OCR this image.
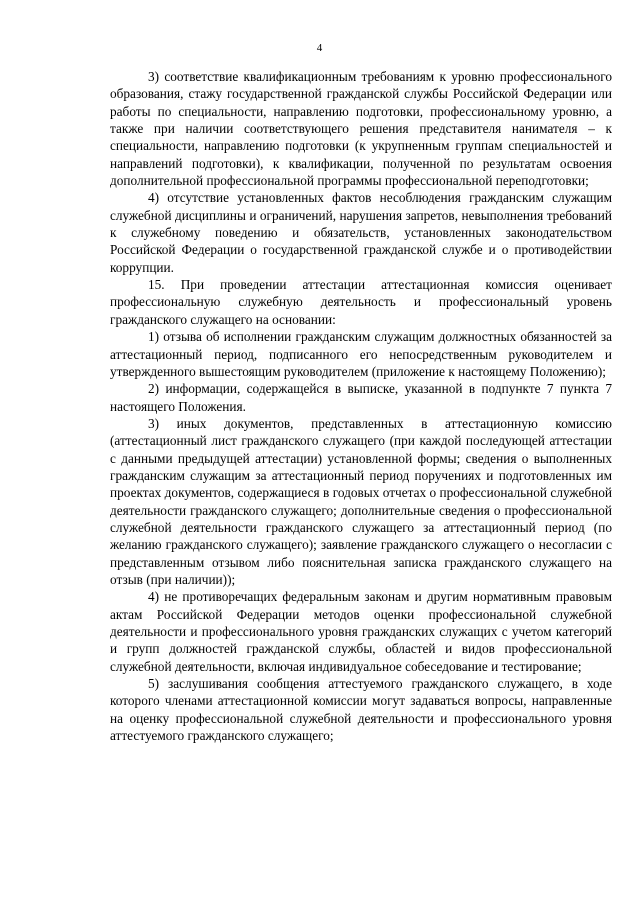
4

3) соответствие квалификационным требованиям к уровню профессионального образования, стажу государственной гражданской службы Российской Федерации или работы по специальности, направлению подготовки, профессиональному уровню, а также при наличии соответствующего решения представителя нанимателя – к специальности, направлению подготовки (к укрупненным группам специальностей и направлений подготовки), к квалификации, полученной по результатам освоения дополнительной профессиональной программы профессиональной переподготовки;

4) отсутствие установленных фактов несоблюдения гражданским служащим служебной дисциплины и ограничений, нарушения запретов, невыполнения требований к служебному поведению и обязательств, установленных законодательством Российской Федерации о государственной гражданской службе и о противодействии коррупции.

15. При проведении аттестации аттестационная комиссия оценивает профессиональную служебную деятельность и профессиональный уровень гражданского служащего на основании:

1) отзыва об исполнении гражданским служащим должностных обязанностей за аттестационный период, подписанного его непосредственным руководителем и утвержденного вышестоящим руководителем (приложение к настоящему Положению);

2) информации, содержащейся в выписке, указанной в подпункте 7 пункта 7 настоящего Положения.

3) иных документов, представленных в аттестационную комиссию (аттестационный лист гражданского служащего (при каждой последующей аттестации с данными предыдущей аттестации) установленной формы; сведения о выполненных гражданским служащим за аттестационный период поручениях и подготовленных им проектах документов, содержащиеся в годовых отчетах о профессиональной служебной деятельности гражданского служащего; дополнительные сведения о профессиональной служебной деятельности гражданского служащего за аттестационный период (по желанию гражданского служащего); заявление гражданского служащего о несогласии с представленным отзывом либо пояснительная записка гражданского служащего на отзыв (при наличии));

4) не противоречащих федеральным законам и другим нормативным правовым актам Российской Федерации методов оценки профессиональной служебной деятельности и профессионального уровня гражданских служащих с учетом категорий и групп должностей гражданской службы, областей и видов профессиональной служебной деятельности, включая индивидуальное собеседование и тестирование;

5) заслушивания сообщения аттестуемого гражданского служащего, в ходе которого членами аттестационной комиссии могут задаваться вопросы, направленные на оценку профессиональной служебной деятельности и профессионального уровня аттестуемого гражданского служащего;
